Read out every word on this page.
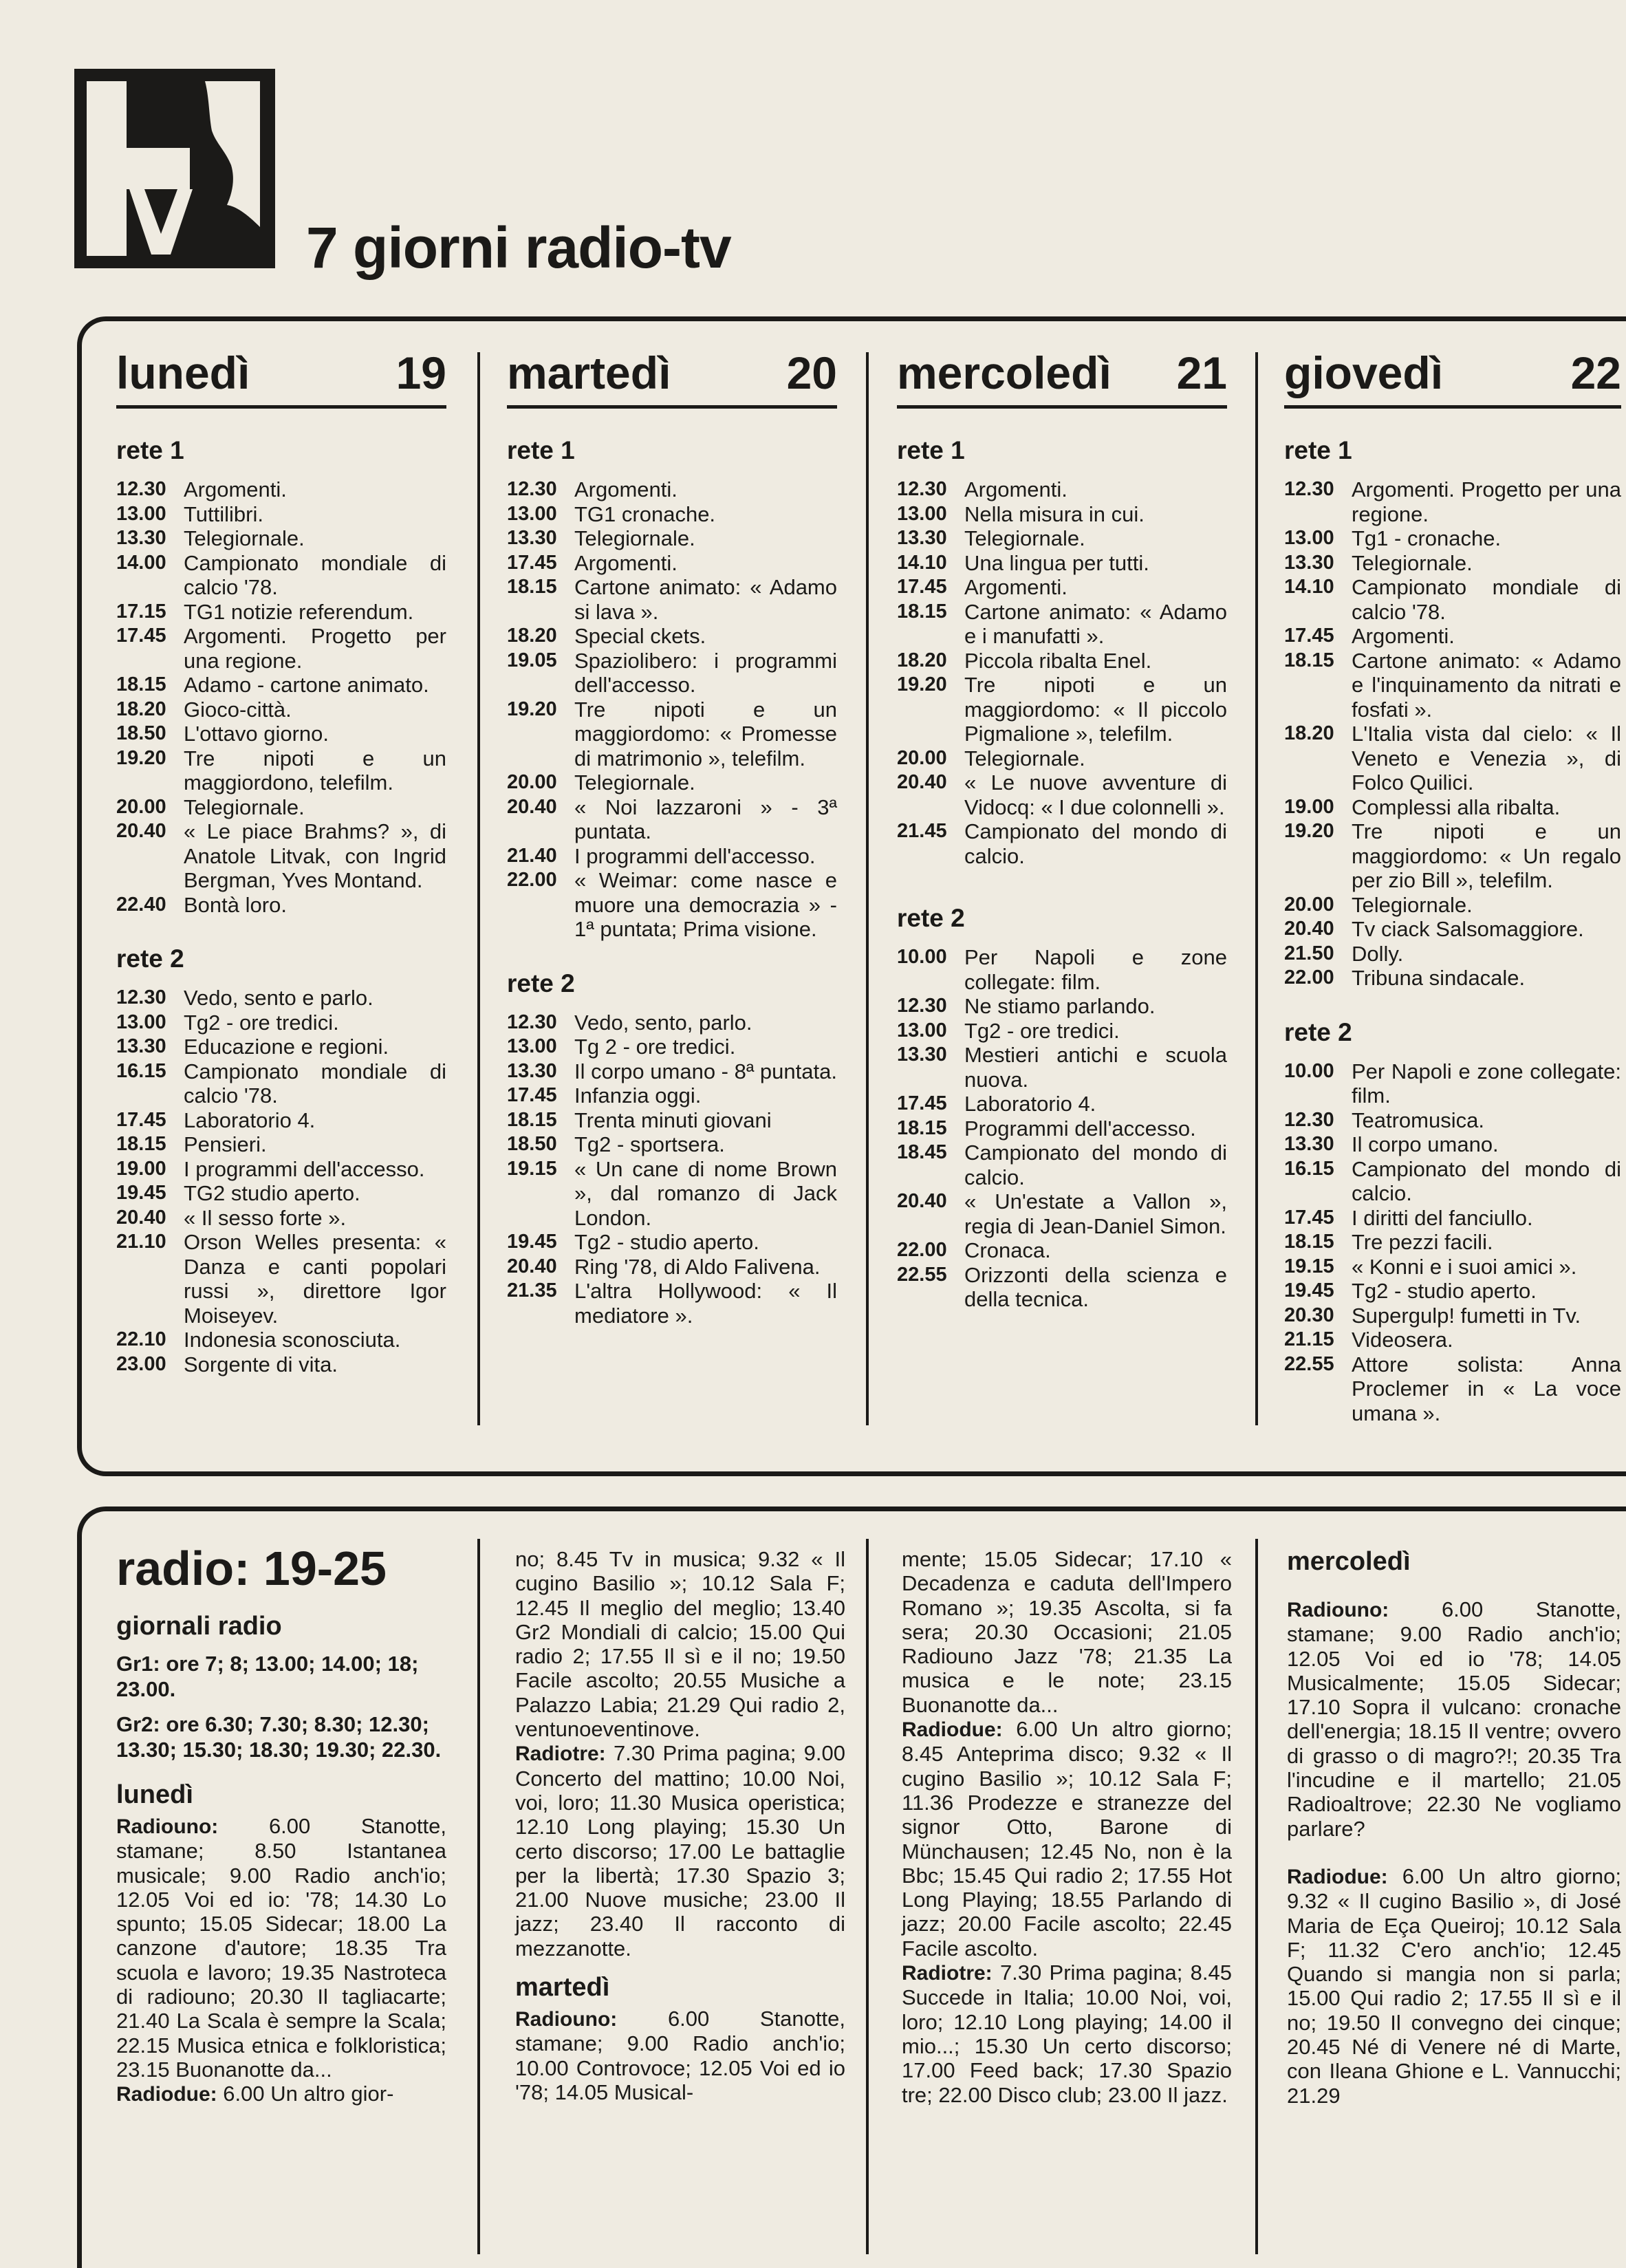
tv	7 giorni radio-tv
lunedì	19
rete 1
12.30 Argomenti.
13.00 Tuttilibri.
13.30 Telegiornale.
14.00 Campionato mondiale di calcio '78.
17.15 TG1 notizie referendum.
17.45 Argomenti. Progetto per una regione.
18.15 Adamo - cartone animato.
18.20 Gioco-città.
18.50 L'ottavo giorno.
19.20 Tre nipoti e un maggiordono, telefilm.
20.00 Telegiornale.
20.40 « Le piace Brahms? », di Anatole Litvak, con Ingrid Bergman, Yves Montand.
22.40 Bontà loro.
rete 2
12.30 Vedo, sento e parlo.
13.00 Tg2 - ore tredici.
13.30 Educazione e regioni.
16.15 Campionato mondiale di calcio '78.
17.45 Laboratorio 4.
18.15 Pensieri.
19.00 I programmi dell'accesso.
19.45 TG2 studio aperto.
20.40 « Il sesso forte ».
21.10 Orson Welles presenta: « Danza e canti popolari russi », direttore Igor Moiseyev.
22.10 Indonesia sconosciuta.
23.00 Sorgente di vita.
martedì	20
rete 1
12.30 Argomenti.
13.00 TG1 cronache.
13.30 Telegiornale.
17.45 Argomenti.
18.15 Cartone animato: « Adamo si lava ».
18.20 Special ckets.
19.05 Spaziolibero: i programmi dell'accesso.
19.20 Tre nipoti e un maggiordomo: « Promesse di matrimonio », telefilm.
20.00 Telegiornale.
20.40 « Noi lazzaroni » - 3ª puntata.
21.40 I programmi dell'accesso.
22.00 « Weimar: come nasce e muore una democrazia » - 1ª puntata; Prima visione.
rete 2
12.30 Vedo, sento, parlo.
13.00 Tg 2 - ore tredici.
13.30 Il corpo umano - 8ª puntata.
17.45 Infanzia oggi.
18.15 Trenta minuti giovani
18.50 Tg2 - sportsera.
19.15 « Un cane di nome Brown », dal romanzo di Jack London.
19.45 Tg2 - studio aperto.
20.40 Ring '78, di Aldo Falivena.
21.35 L'altra Hollywood: « Il mediatore ».
mercoledì 21
rete 1
12.30 Argomenti.
13.00 Nella misura in cui.
13.30 Telegiornale.
14.10 Una lingua per tutti.
17.45 Argomenti.
18.15 Cartone animato: « Adamo e i manufatti ».
18.20 Piccola ribalta Enel.
19.20 Tre nipoti e un maggiordomo: « Il piccolo Pigmalione », telefilm.
20.00 Telegiornale.
20.40 « Le nuove avventure di Vidocq: « I due colonnelli ».
21.45 Campionato del mondo di calcio.
rete 2
10.00 Per Napoli e zone collegate: film.
12.30 Ne stiamo parlando.
13.00 Tg2 - ore tredici.
13.30 Mestieri antichi e scuola nuova.
17.45 Laboratorio 4.
18.15 Programmi dell'accesso.
18.45 Campionato del mondo di calcio.
20.40 « Un'estate a Vallon », regia di Jean-Daniel Simon.
22.00 Cronaca.
22.55 Orizzonti della scienza e della tecnica.
giovedì	22
rete 1
12.30 Argomenti. Progetto per una regione.
13.00 Tg1 - cronache.
13.30 Telegiornale.
14.10 Campionato mondiale di calcio '78.
17.45 Argomenti.
18.15 Cartone animato: « Adamo e l'inquinamento da nitrati e fosfati ».
18.20 L'Italia vista dal cielo: « Il Veneto e Venezia », di Folco Quilici.
19.00 Complessi alla ribalta.
19.20 Tre nipoti e un maggiordomo: « Un regalo per zio Bill », telefilm.
20.00 Telegiornale.
20.40 Tv ciack Salsomaggiore.
21.50 Dolly.
22.00 Tribuna sindacale.
rete 2
10.00 Per Napoli e zone collegate: film.
12.30 Teatromusica.
13.30 Il corpo umano.
16.15 Campionato del mondo di calcio.
17.45 I diritti del fanciullo.
18.15 Tre pezzi facili.
19.15 « Konni e i suoi amici ».
19.45 Tg2 - studio aperto.
20.30 Supergulp! fumetti in Tv.
21.15 Videosera.
22.55 Attore solista: Anna Proclemer in « La voce umana ».
radio: 19-25
giornali radio
Gr1: ore 7; 8; 13.00; 14.00; 18; 23.00.
Gr2: ore 6.30; 7.30; 8.30; 12.30; 13.30; 15.30; 18.30; 19.30; 22.30.
lunedì
Radiouno: 6.00 Stanotte, stamane; 8.50 Istantanea musicale; 9.00 Radio anch'io; 12.05 Voi ed io: '78; 14.30 Lo spunto; 15.05 Sidecar; 18.00 La canzone d'autore; 18.35 Tra scuola e lavoro; 19.35 Nastroteca di radiouno; 20.30 Il tagliacarte; 21.40 La Scala è sempre la Scala; 22.15 Musica etnica e folkloristica; 23.15 Buonanotte da...
Radiodue: 6.00 Un altro gior-
no; 8.45 Tv in musica; 9.32 « Il cugino Basilio »; 10.12 Sala F; 12.45 Il meglio del meglio; 13.40 Gr2 Mondiali di calcio; 15.00 Qui radio 2; 17.55 Il sì e il no; 19.50 Facile ascolto; 20.55 Musiche a Palazzo Labia; 21.29 Qui radio 2, ventunoeventinove.
Radiotre: 7.30 Prima pagina; 9.00 Concerto del mattino; 10.00 Noi, voi, loro; 11.30 Musica operistica; 12.10 Long playing; 15.30 Un certo discorso; 17.00 Le battaglie per la libertà; 17.30 Spazio 3; 21.00 Nuove musiche; 23.00 Il jazz; 23.40 Il racconto di mezzanotte.
martedì
Radiouno: 6.00 Stanotte, stamane; 9.00 Radio anch'io; 10.00 Controvoce; 12.05 Voi ed io '78; 14.05 Musical-
mente; 15.05 Sidecar; 17.10 « Decadenza e caduta dell'Impero Romano »; 19.35 Ascolta, si fa sera; 20.30 Occasioni; 21.05 Radiouno Jazz '78; 21.35 La musica e le note; 23.15 Buonanotte da...
Radiodue: 6.00 Un altro giorno; 8.45 Anteprima disco; 9.32 « Il cugino Basilio »; 10.12 Sala F; 11.36 Prodezze e stranezze del signor Otto, Barone di Münchausen; 12.45 No, non è la Bbc; 15.45 Qui radio 2; 17.55 Hot Long Playing; 18.55 Parlando di jazz; 20.00 Facile ascolto; 22.45 Facile ascolto.
Radiotre: 7.30 Prima pagina; 8.45 Succede in Italia; 10.00 Noi, voi, loro; 12.10 Long playing; 14.00 il mio...; 15.30 Un certo discorso; 17.00 Feed back; 17.30 Spazio tre; 22.00 Disco club; 23.00 Il jazz.
mercoledì
Radiouno: 6.00 Stanotte, stamane; 9.00 Radio anch'io; 12.05 Voi ed io '78; 14.05 Musicalmente; 15.05 Sidecar; 17.10 Sopra il vulcano: cronache dell'energia; 18.15 Il ventre; ovvero di grasso o di magro?!; 20.35 Tra l'incudine e il martello; 21.05 Radioaltrove; 22.30 Ne vogliamo parlare?
Radiodue: 6.00 Un altro giorno; 9.32 « Il cugino Basilio », di José Maria de Eça Queiroj; 10.12 Sala F; 11.32 C'ero anch'io; 12.45 Quando si mangia non si parla; 15.00 Qui radio 2; 17.55 Il sì e il no; 19.50 Il convegno dei cinque; 20.45 Né di Venere né di Marte, con Ileana Ghione e L. Vannucchi; 21.29
